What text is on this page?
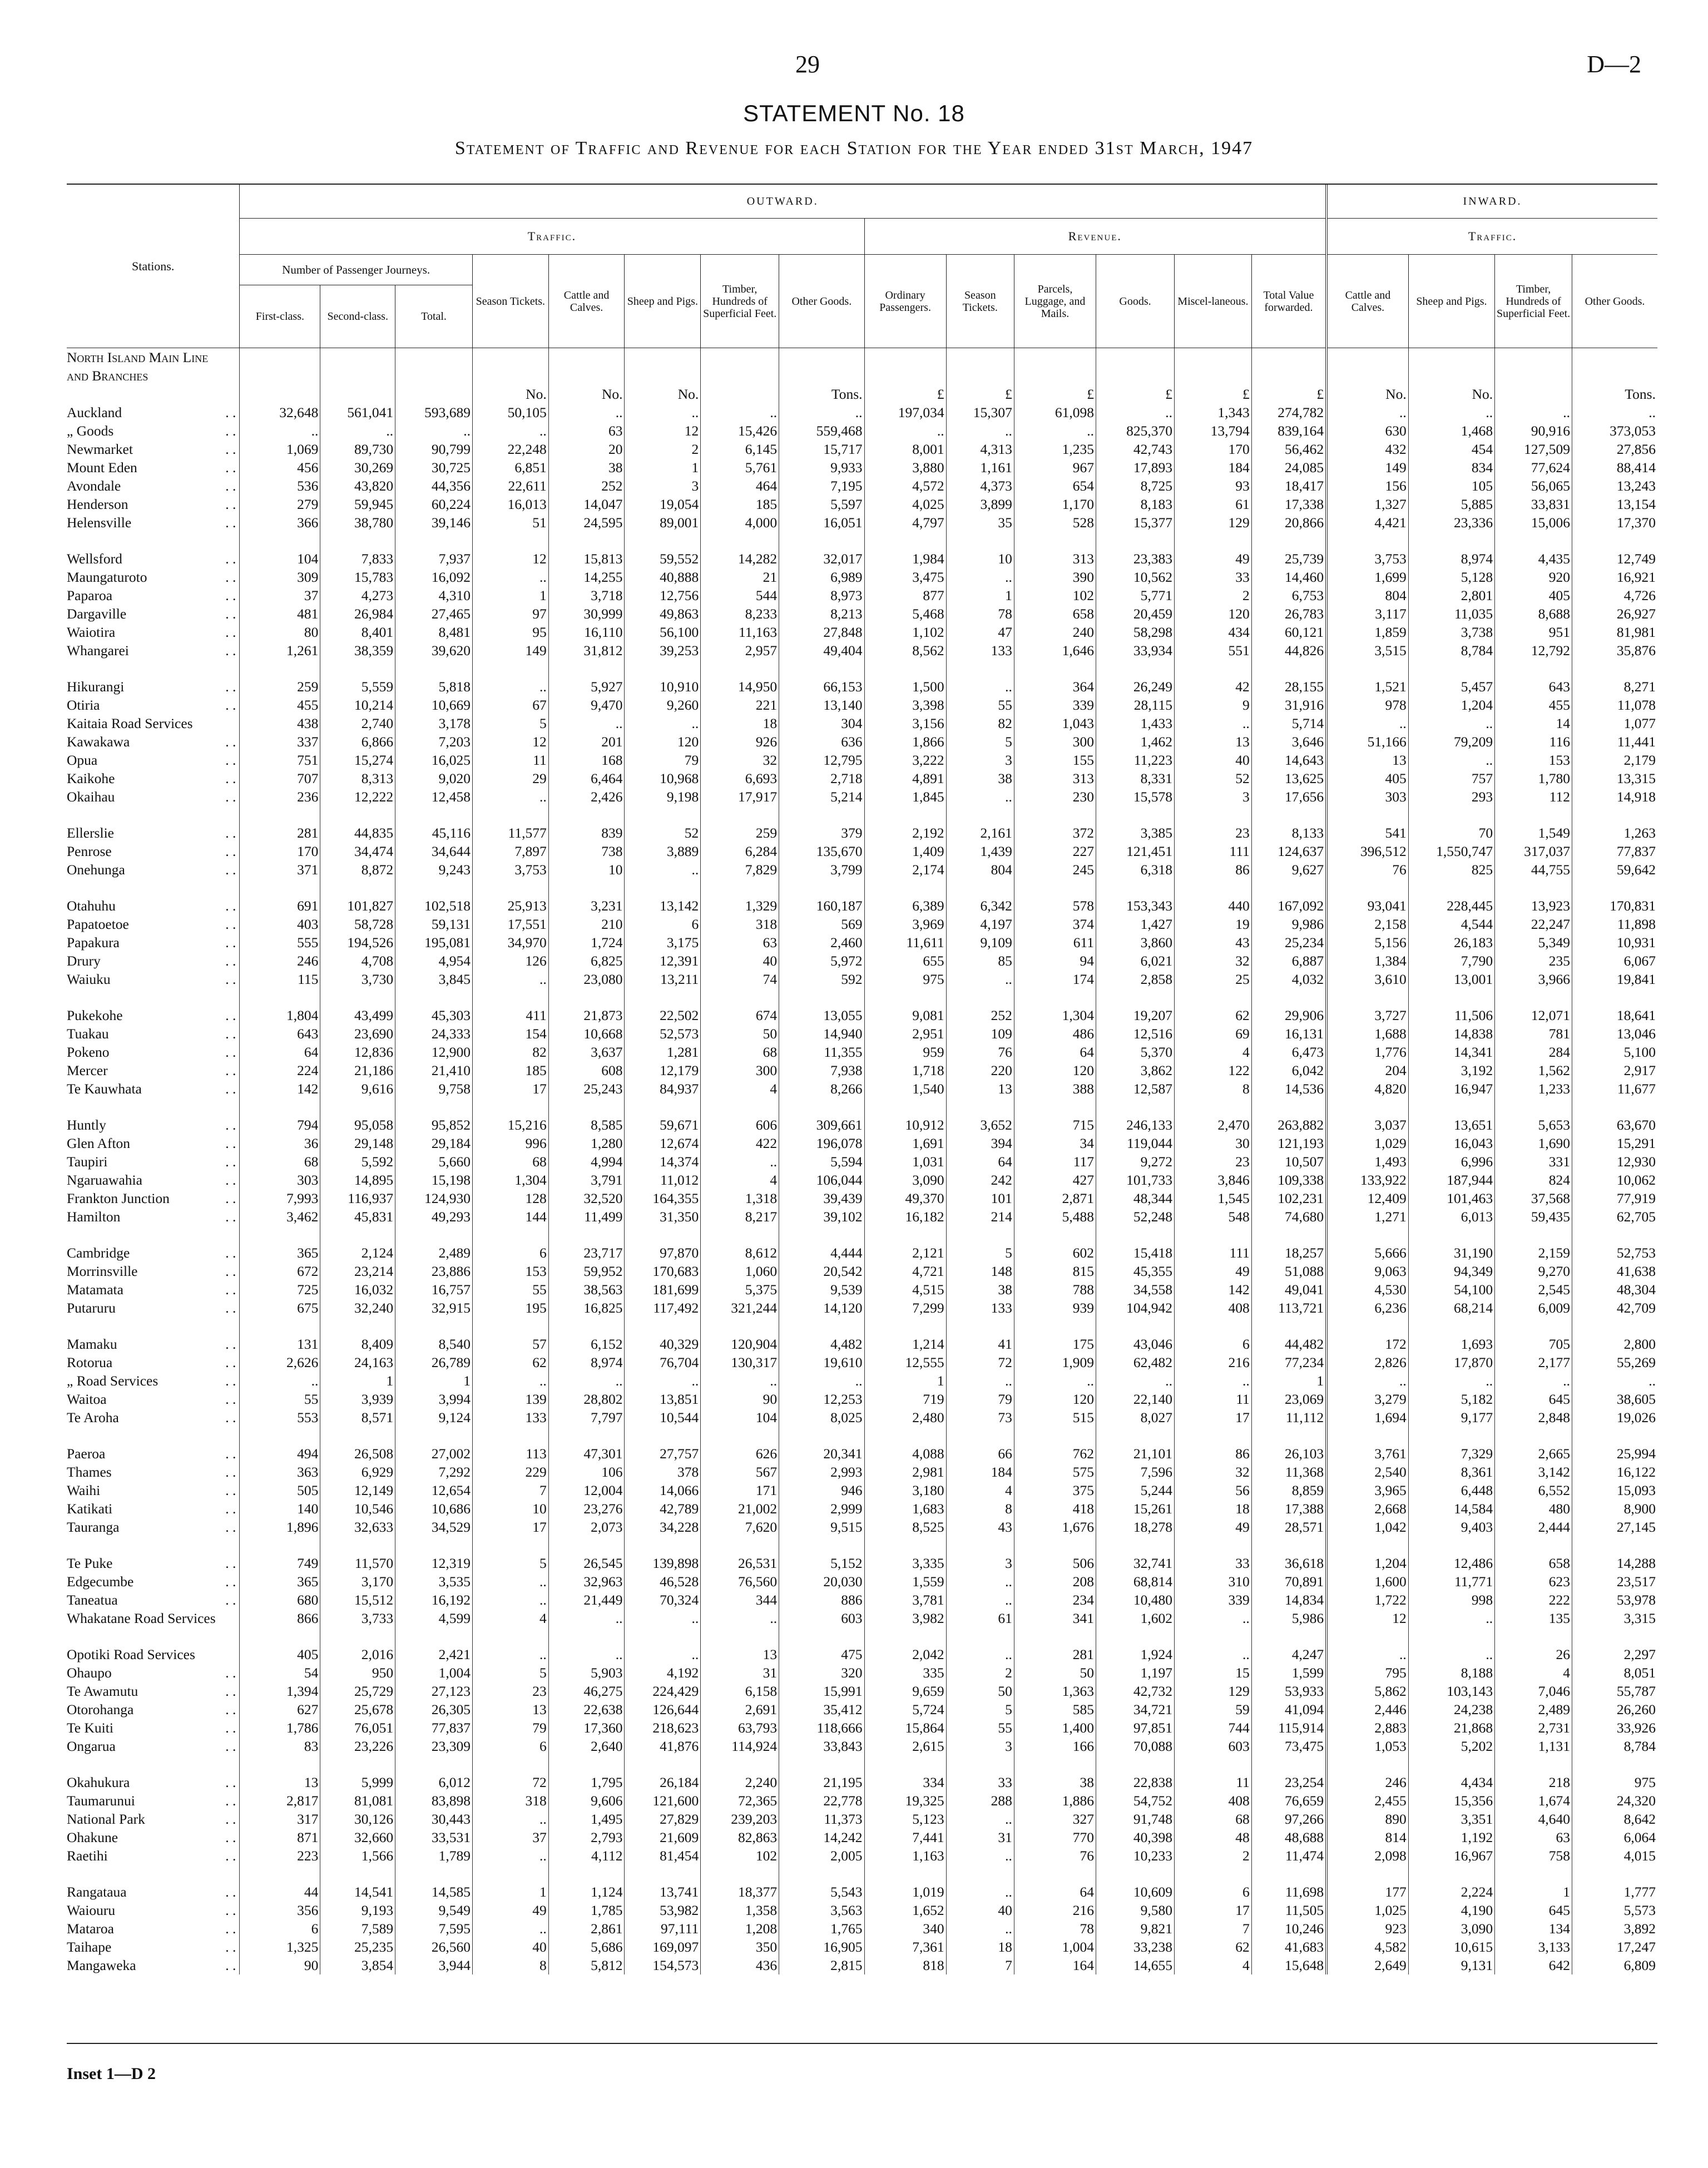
29	D—2
STATEMENT No. 18
Statement of Traffic and Revenue for each Station for the Year ended 31st March, 1947
Stations.	OUTWARD.														INWARD.			
	Traffic.								Revenue.						Traffic.			
	Number of Passenger Journeys.			Season Tickets.	Cattle and Calves.	Sheep and Pigs.	Timber, Hundreds of Superficial Feet.	Other Goods.	Ordinary Passengers.	Season Tickets.	Parcels, Luggage, and Mails.	Goods.	Miscel-laneous.	Total Value forwarded.	Cattle and Calves.	Sheep and Pigs.	Timber, Hundreds of Superficial Feet.	Other Goods.
	First-class.	Second-class.	Total.															
North Island Main Line																		
and Branches																		
				No.	No.	No.		Tons.	£	£	£	£	£	£	No.	No.		Tons.
Auckland . .	32,648	561,041	593,689	50,105	..	..	..	..	197,034	15,307	61,098	..	1,343	274,782	..	..	..	..
„ Goods . .	..	..	..	..	63	12	15,426	559,468	..	..	..	825,370	13,794	839,164	630	1,468	90,916	373,053
Newmarket . .	1,069	89,730	90,799	22,248	20	2	6,145	15,717	8,001	4,313	1,235	42,743	170	56,462	432	454	127,509	27,856
Mount Eden . .	456	30,269	30,725	6,851	38	1	5,761	9,933	3,880	1,161	967	17,893	184	24,085	149	834	77,624	88,414
Avondale . .	536	43,820	44,356	22,611	252	3	464	7,195	4,572	4,373	654	8,725	93	18,417	156	105	56,065	13,243
Henderson . .	279	59,945	60,224	16,013	14,047	19,054	185	5,597	4,025	3,899	1,170	8,183	61	17,338	1,327	5,885	33,831	13,154
Helensville . .	366	38,780	39,146	51	24,595	89,001	4,000	16,051	4,797	35	528	15,377	129	20,866	4,421	23,336	15,006	17,370

Wellsford . .	104	7,833	7,937	12	15,813	59,552	14,282	32,017	1,984	10	313	23,383	49	25,739	3,753	8,974	4,435	12,749
Maungaturoto . .	309	15,783	16,092	..	14,255	40,888	21	6,989	3,475	..	390	10,562	33	14,460	1,699	5,128	920	16,921
Paparoa . .	37	4,273	4,310	1	3,718	12,756	544	8,973	877	1	102	5,771	2	6,753	804	2,801	405	4,726
Dargaville . .	481	26,984	27,465	97	30,999	49,863	8,233	8,213	5,468	78	658	20,459	120	26,783	3,117	11,035	8,688	26,927
Waiotira . .	80	8,401	8,481	95	16,110	56,100	11,163	27,848	1,102	47	240	58,298	434	60,121	1,859	3,738	951	81,981
Whangarei . .	1,261	38,359	39,620	149	31,812	39,253	2,957	49,404	8,562	133	1,646	33,934	551	44,826	3,515	8,784	12,792	35,876

Hikurangi . .	259	5,559	5,818	..	5,927	10,910	14,950	66,153	1,500	..	364	26,249	42	28,155	1,521	5,457	643	8,271
Otiria . .	455	10,214	10,669	67	9,470	9,260	221	13,140	3,398	55	339	28,115	9	31,916	978	1,204	455	11,078
Kaitaia Road Services	438	2,740	3,178	5	..	..	18	304	3,156	82	1,043	1,433	..	5,714	..	..	14	1,077
Kawakawa . .	337	6,866	7,203	12	201	120	926	636	1,866	5	300	1,462	13	3,646	51,166	79,209	116	11,441
Opua . .	751	15,274	16,025	11	168	79	32	12,795	3,222	3	155	11,223	40	14,643	13	..	153	2,179
Kaikohe . .	707	8,313	9,020	29	6,464	10,968	6,693	2,718	4,891	38	313	8,331	52	13,625	405	757	1,780	13,315
Okaihau . .	236	12,222	12,458	..	2,426	9,198	17,917	5,214	1,845	..	230	15,578	3	17,656	303	293	112	14,918

Ellerslie . .	281	44,835	45,116	11,577	839	52	259	379	2,192	2,161	372	3,385	23	8,133	541	70	1,549	1,263
Penrose . .	170	34,474	34,644	7,897	738	3,889	6,284	135,670	1,409	1,439	227	121,451	111	124,637	396,512	1,550,747	317,037	77,837
Onehunga . .	371	8,872	9,243	3,753	10	..	7,829	3,799	2,174	804	245	6,318	86	9,627	76	825	44,755	59,642

Otahuhu . .	691	101,827	102,518	25,913	3,231	13,142	1,329	160,187	6,389	6,342	578	153,343	440	167,092	93,041	228,445	13,923	170,831
Papatoetoe . .	403	58,728	59,131	17,551	210	6	318	569	3,969	4,197	374	1,427	19	9,986	2,158	4,544	22,247	11,898
Papakura . .	555	194,526	195,081	34,970	1,724	3,175	63	2,460	11,611	9,109	611	3,860	43	25,234	5,156	26,183	5,349	10,931
Drury . .	246	4,708	4,954	126	6,825	12,391	40	5,972	655	85	94	6,021	32	6,887	1,384	7,790	235	6,067
Waiuku . .	115	3,730	3,845	..	23,080	13,211	74	592	975	..	174	2,858	25	4,032	3,610	13,001	3,966	19,841

Pukekohe . .	1,804	43,499	45,303	411	21,873	22,502	674	13,055	9,081	252	1,304	19,207	62	29,906	3,727	11,506	12,071	18,641
Tuakau . .	643	23,690	24,333	154	10,668	52,573	50	14,940	2,951	109	486	12,516	69	16,131	1,688	14,838	781	13,046
Pokeno . .	64	12,836	12,900	82	3,637	1,281	68	11,355	959	76	64	5,370	4	6,473	1,776	14,341	284	5,100
Mercer . .	224	21,186	21,410	185	608	12,179	300	7,938	1,718	220	120	3,862	122	6,042	204	3,192	1,562	2,917
Te Kauwhata . .	142	9,616	9,758	17	25,243	84,937	4	8,266	1,540	13	388	12,587	8	14,536	4,820	16,947	1,233	11,677

Huntly . .	794	95,058	95,852	15,216	8,585	59,671	606	309,661	10,912	3,652	715	246,133	2,470	263,882	3,037	13,651	5,653	63,670
Glen Afton . .	36	29,148	29,184	996	1,280	12,674	422	196,078	1,691	394	34	119,044	30	121,193	1,029	16,043	1,690	15,291
Taupiri . .	68	5,592	5,660	68	4,994	14,374	..	5,594	1,031	64	117	9,272	23	10,507	1,493	6,996	331	12,930
Ngaruawahia . .	303	14,895	15,198	1,304	3,791	11,012	4	106,044	3,090	242	427	101,733	3,846	109,338	133,922	187,944	824	10,062
Frankton Junction . .	7,993	116,937	124,930	128	32,520	164,355	1,318	39,439	49,370	101	2,871	48,344	1,545	102,231	12,409	101,463	37,568	77,919
Hamilton . .	3,462	45,831	49,293	144	11,499	31,350	8,217	39,102	16,182	214	5,488	52,248	548	74,680	1,271	6,013	59,435	62,705

Cambridge . .	365	2,124	2,489	6	23,717	97,870	8,612	4,444	2,121	5	602	15,418	111	18,257	5,666	31,190	2,159	52,753
Morrinsville . .	672	23,214	23,886	153	59,952	170,683	1,060	20,542	4,721	148	815	45,355	49	51,088	9,063	94,349	9,270	41,638
Matamata . .	725	16,032	16,757	55	38,563	181,699	5,375	9,539	4,515	38	788	34,558	142	49,041	4,530	54,100	2,545	48,304
Putaruru . .	675	32,240	32,915	195	16,825	117,492	321,244	14,120	7,299	133	939	104,942	408	113,721	6,236	68,214	6,009	42,709

Mamaku . .	131	8,409	8,540	57	6,152	40,329	120,904	4,482	1,214	41	175	43,046	6	44,482	172	1,693	705	2,800
Rotorua . .	2,626	24,163	26,789	62	8,974	76,704	130,317	19,610	12,555	72	1,909	62,482	216	77,234	2,826	17,870	2,177	55,269
„ Road Services . .	..	1	1	..	..	..	..	..	1	..	..	..	..	1	..	..	..	..
Waitoa . .	55	3,939	3,994	139	28,802	13,851	90	12,253	719	79	120	22,140	11	23,069	3,279	5,182	645	38,605
Te Aroha . .	553	8,571	9,124	133	7,797	10,544	104	8,025	2,480	73	515	8,027	17	11,112	1,694	9,177	2,848	19,026

Paeroa . .	494	26,508	27,002	113	47,301	27,757	626	20,341	4,088	66	762	21,101	86	26,103	3,761	7,329	2,665	25,994
Thames . .	363	6,929	7,292	229	106	378	567	2,993	2,981	184	575	7,596	32	11,368	2,540	8,361	3,142	16,122
Waihi . .	505	12,149	12,654	7	12,004	14,066	171	946	3,180	4	375	5,244	56	8,859	3,965	6,448	6,552	15,093
Katikati . .	140	10,546	10,686	10	23,276	42,789	21,002	2,999	1,683	8	418	15,261	18	17,388	2,668	14,584	480	8,900
Tauranga . .	1,896	32,633	34,529	17	2,073	34,228	7,620	9,515	8,525	43	1,676	18,278	49	28,571	1,042	9,403	2,444	27,145

Te Puke . .	749	11,570	12,319	5	26,545	139,898	26,531	5,152	3,335	3	506	32,741	33	36,618	1,204	12,486	658	14,288
Edgecumbe . .	365	3,170	3,535	..	32,963	46,528	76,560	20,030	1,559	..	208	68,814	310	70,891	1,600	11,771	623	23,517
Taneatua . .	680	15,512	16,192	..	21,449	70,324	344	886	3,781	..	234	10,480	339	14,834	1,722	998	222	53,978
Whakatane Road Services	866	3,733	4,599	4	..	..	..	603	3,982	61	341	1,602	..	5,986	12	..	135	3,315

Opotiki Road Services	405	2,016	2,421	..	..	..	13	475	2,042	..	281	1,924	..	4,247	..	..	26	2,297
Ohaupo . .	54	950	1,004	5	5,903	4,192	31	320	335	2	50	1,197	15	1,599	795	8,188	4	8,051
Te Awamutu . .	1,394	25,729	27,123	23	46,275	224,429	6,158	15,991	9,659	50	1,363	42,732	129	53,933	5,862	103,143	7,046	55,787
Otorohanga . .	627	25,678	26,305	13	22,638	126,644	2,691	35,412	5,724	5	585	34,721	59	41,094	2,446	24,238	2,489	26,260
Te Kuiti . .	1,786	76,051	77,837	79	17,360	218,623	63,793	118,666	15,864	55	1,400	97,851	744	115,914	2,883	21,868	2,731	33,926
Ongarua . .	83	23,226	23,309	6	2,640	41,876	114,924	33,843	2,615	3	166	70,088	603	73,475	1,053	5,202	1,131	8,784

Okahukura . .	13	5,999	6,012	72	1,795	26,184	2,240	21,195	334	33	38	22,838	11	23,254	246	4,434	218	975
Taumarunui . .	2,817	81,081	83,898	318	9,606	121,600	72,365	22,778	19,325	288	1,886	54,752	408	76,659	2,455	15,356	1,674	24,320
National Park . .	317	30,126	30,443	..	1,495	27,829	239,203	11,373	5,123	..	327	91,748	68	97,266	890	3,351	4,640	8,642
Ohakune . .	871	32,660	33,531	37	2,793	21,609	82,863	14,242	7,441	31	770	40,398	48	48,688	814	1,192	63	6,064
Raetihi . .	223	1,566	1,789	..	4,112	81,454	102	2,005	1,163	..	76	10,233	2	11,474	2,098	16,967	758	4,015

Rangataua . .	44	14,541	14,585	1	1,124	13,741	18,377	5,543	1,019	..	64	10,609	6	11,698	177	2,224	1	1,777
Waiouru . .	356	9,193	9,549	49	1,785	53,982	1,358	3,563	1,652	40	216	9,580	17	11,505	1,025	4,190	645	5,573
Mataroa . .	6	7,589	7,595	..	2,861	97,111	1,208	1,765	340	..	78	9,821	7	10,246	923	3,090	134	3,892
Taihape . .	1,325	25,235	26,560	40	5,686	169,097	350	16,905	7,361	18	1,004	33,238	62	41,683	4,582	10,615	3,133	17,247
Mangaweka . .	90	3,854	3,944	8	5,812	154,573	436	2,815	818	7	164	14,655	4	15,648	2,649	9,131	642	6,809
Inset 1—D 2
